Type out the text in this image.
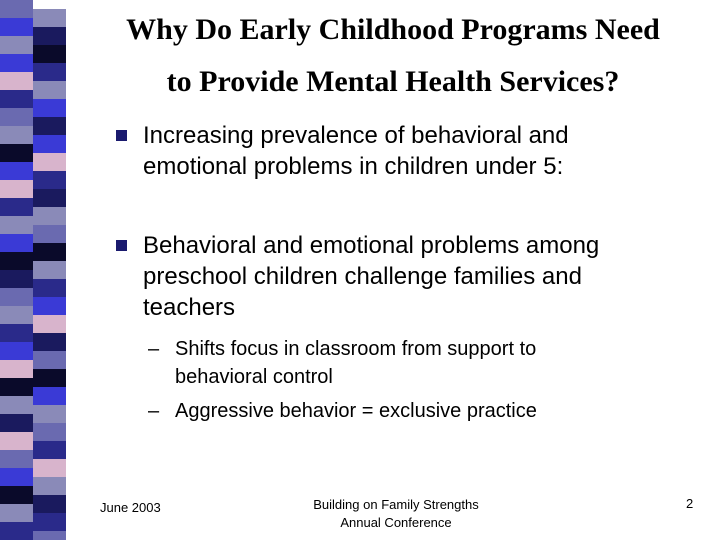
Why Do Early Childhood Programs Need
to Provide Mental Health Services?
Increasing prevalence of behavioral and
emotional problems in children under 5:
Behavioral and emotional problems among
preschool children challenge families and
teachers
– Shifts focus in classroom from support to
behavioral control
– Aggressive behavior = exclusive practice
June 2003	Building on Family Strengths
Annual Conference
2
